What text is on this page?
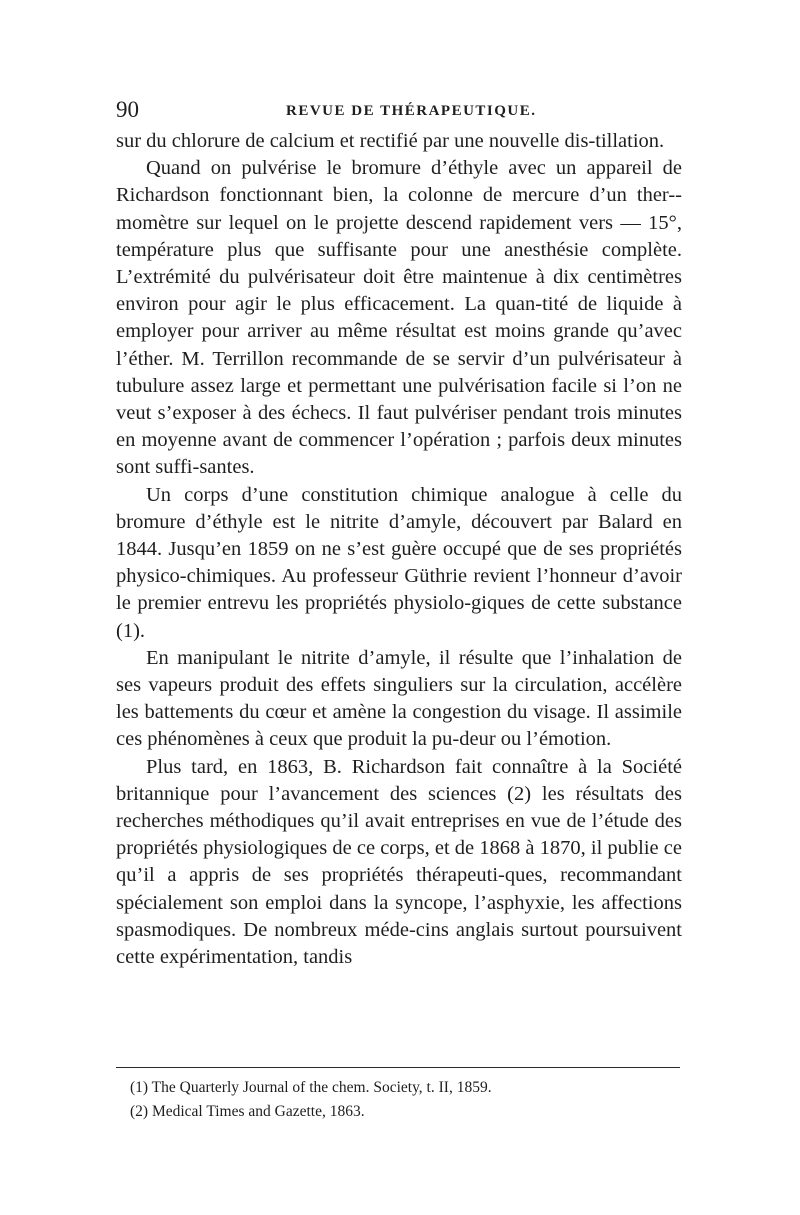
90	REVUE DE THÉRAPEUTIQUE.

sur du chlorure de calcium et rectifié par une nouvelle dis-tillation.

Quand on pulvérise le bromure d’éthyle avec un appareil de Richardson fonctionnant bien, la colonne de mercure d’un ther-momètre sur lequel on le projette descend rapidement vers — 15°, température plus que suffisante pour une anesthésie complète. L’extrémité du pulvérisateur doit être maintenue à dix centimètres environ pour agir le plus efficacement. La quan-tité de liquide à employer pour arriver au même résultat est moins grande qu’avec l’éther. M. Terrillon recommande de se servir d’un pulvérisateur à tubulure assez large et permettant une pulvérisation facile si l’on ne veut s’exposer à des échecs. Il faut pulvériser pendant trois minutes en moyenne avant de commencer l’opération ; parfois deux minutes sont suffi-santes.

Un corps d’une constitution chimique analogue à celle du bromure d’éthyle est le nitrite d’amyle, découvert par Balard en 1844. Jusqu’en 1859 on ne s’est guère occupé que de ses propriétés physico-chimiques. Au professeur Güthrie revient l’honneur d’avoir le premier entrevu les propriétés physiolo-giques de cette substance (1).

En manipulant le nitrite d’amyle, il résulte que l’inhalation de ses vapeurs produit des effets singuliers sur la circulation, accélère les battements du cœur et amène la congestion du visage. Il assimile ces phénomènes à ceux que produit la pu-deur ou l’émotion.

Plus tard, en 1863, B. Richardson fait connaître à la Société britannique pour l’avancement des sciences (2) les résultats des recherches méthodiques qu’il avait entreprises en vue de l’étude des propriétés physiologiques de ce corps, et de 1868 à 1870, il publie ce qu’il a appris de ses propriétés thérapeuti-ques, recommandant spécialement son emploi dans la syncope, l’asphyxie, les affections spasmodiques. De nombreux méde-cins anglais surtout poursuivent cette expérimentation, tandis

(1) The Quarterly Journal of the chem. Society, t. II, 1859.
(2) Medical Times and Gazette, 1863.
